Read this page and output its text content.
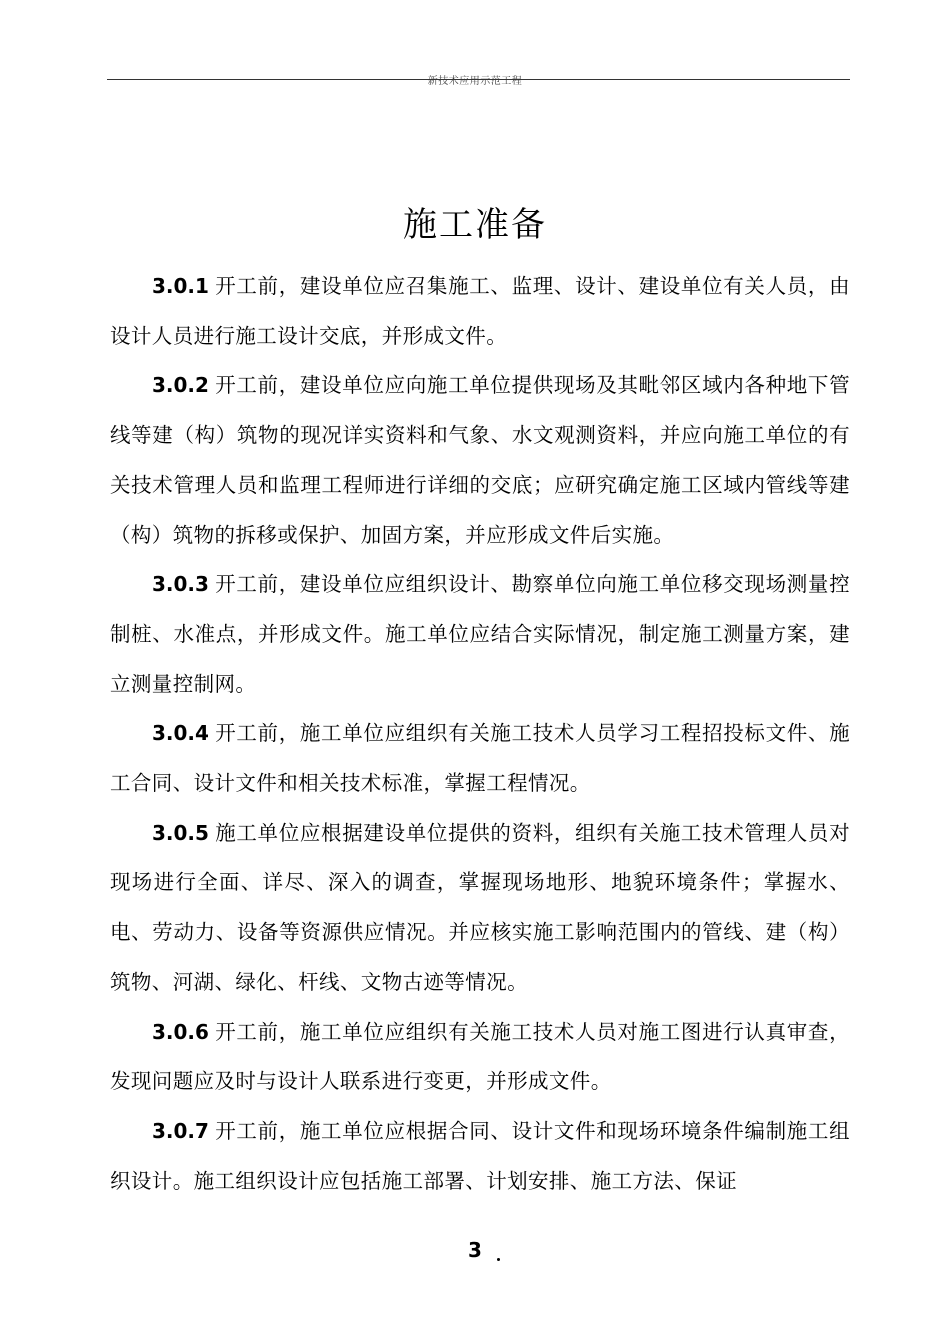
新技术应用示范工程
施工准备

3.0.1 开工前，建设单位应召集施工、监理、设计、建设单位有关人员，由设计人员进行施工设计交底，并形成文件。

3.0.2 开工前，建设单位应向施工单位提供现场及其毗邻区域内各种地下管线等建（构）筑物的现况详实资料和气象、水文观测资料，并应向施工单位的有关技术管理人员和监理工程师进行详细的交底；应研究确定施工区域内管线等建（构）筑物的拆移或保护、加固方案，并应形成文件后实施。

3.0.3 开工前，建设单位应组织设计、勘察单位向施工单位移交现场测量控制桩、水准点，并形成文件。施工单位应结合实际情况，制定施工测量方案，建立测量控制网。

3.0.4 开工前，施工单位应组织有关施工技术人员学习工程招投标文件、施工合同、设计文件和相关技术标准，掌握工程情况。

3.0.5 施工单位应根据建设单位提供的资料，组织有关施工技术管理人员对现场进行全面、详尽、深入的调查，掌握现场地形、地貌环境条件；掌握水、电、劳动力、设备等资源供应情况。并应核实施工影响范围内的管线、建（构）筑物、河湖、绿化、杆线、文物古迹等情况。

3.0.6 开工前，施工单位应组织有关施工技术人员对施工图进行认真审查，发现问题应及时与设计人联系进行变更，并形成文件。

3.0.7 开工前，施工单位应根据合同、设计文件和现场环境条件编制施工组织设计。施工组织设计应包括施工部署、计划安排、施工方法、保证

3
